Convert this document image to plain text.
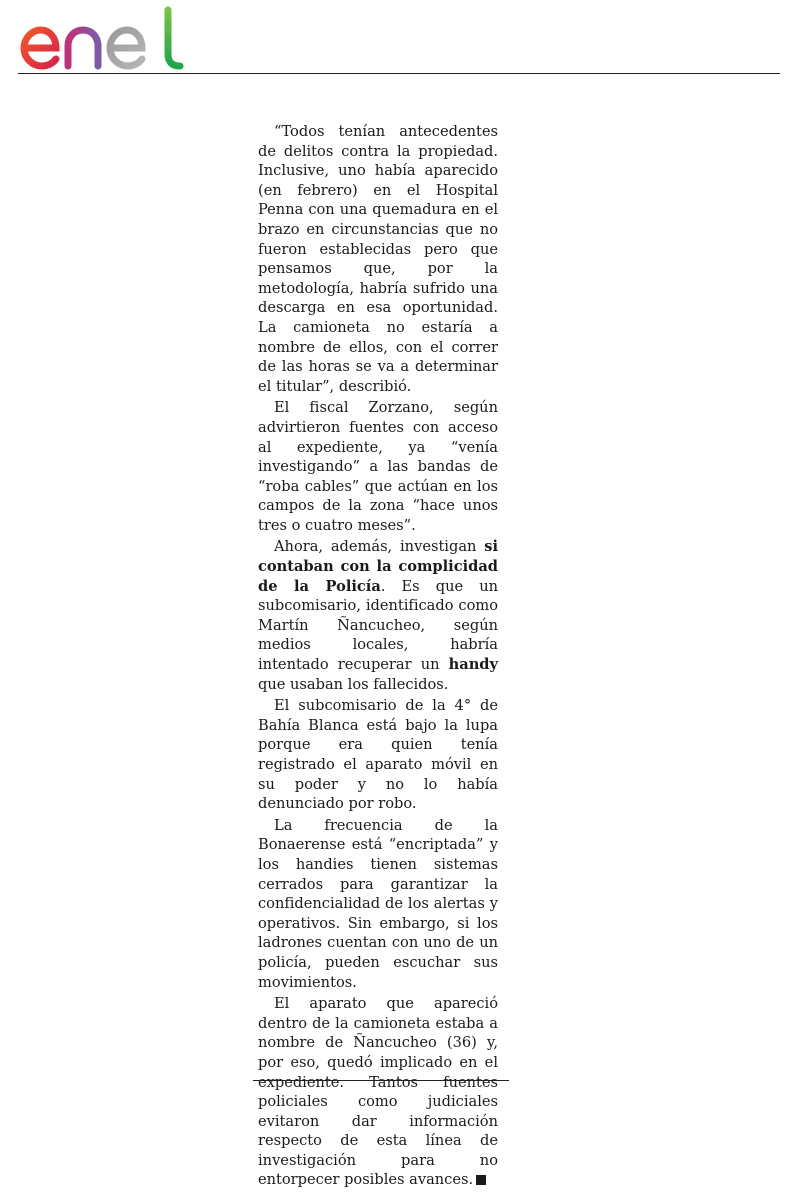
“Todos tenían antecedentes de delitos contra la propiedad. Inclusive, uno había aparecido (en febrero) en el Hospital Penna con una quemadura en el brazo en circunstancias que no fueron establecidas pero que pensamos que, por la metodología, habría sufrido una descarga en esa oportunidad. La camioneta no estaría a nombre de ellos, con el correr de las horas se va a determinar el titular”, describió.

El fiscal Zorzano, según advirtieron fuentes con acceso al expediente, ya “venía investigando” a las bandas de “roba cables” que actúan en los campos de la zona “hace unos tres o cuatro meses”.

Ahora, además, investigan si contaban con la complicidad de la Policía. Es que un subcomisario, identificado como Martín Ñancucheo, según medios locales, habría intentado recuperar un handy que usaban los fallecidos.

El subcomisario de la 4° de Bahía Blanca está bajo la lupa porque era quien tenía registrado el aparato móvil en su poder y no lo había denunciado por robo.

La frecuencia de la Bonaerense está “encriptada” y los handies tienen sistemas cerrados para garantizar la confidencialidad de los alertas y operativos. Sin embargo, si los ladrones cuentan con uno de un policía, pueden escuchar sus movimientos.

El aparato que apareció dentro de la camioneta estaba a nombre de Ñancucheo (36) y, por eso, quedó implicado en el expediente. Tantos fuentes policiales como judiciales evitaron dar información respecto de esta línea de investigación para no entorpecer posibles avances.
